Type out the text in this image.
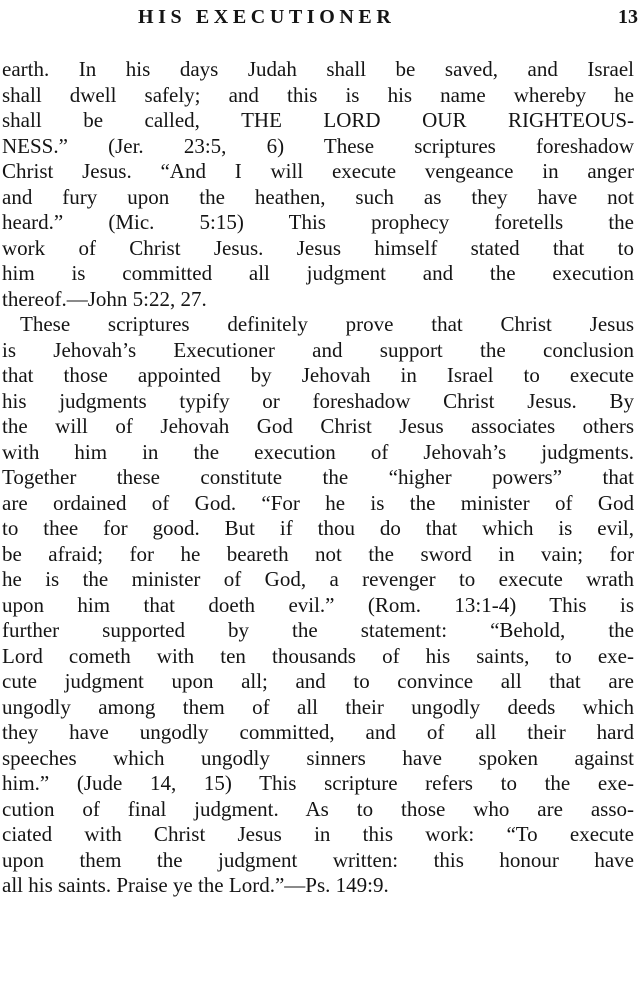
HIS EXECUTIONER	13
earth. In his days Judah shall be saved, and Israel
shall dwell safely; and this is his name whereby he
shall be called, THE LORD OUR RIGHTEOUS-
NESS.” (Jer. 23:5, 6) These scriptures foreshadow
Christ Jesus. “And I will execute vengeance in anger
and fury upon the heathen, such as they have not
heard.” (Mic. 5:15) This prophecy foretells the
work of Christ Jesus. Jesus himself stated that to
him is committed all judgment and the execution
thereof.—John 5:22, 27.
These scriptures definitely prove that Christ Jesus
is Jehovah’s Executioner and support the conclusion
that those appointed by Jehovah in Israel to execute
his judgments typify or foreshadow Christ Jesus. By
the will of Jehovah God Christ Jesus associates others
with him in the execution of Jehovah’s judgments.
Together these constitute the “higher powers” that
are ordained of God. “For he is the minister of God
to thee for good. But if thou do that which is evil,
be afraid; for he beareth not the sword in vain; for
he is the minister of God, a revenger to execute wrath
upon him that doeth evil.” (Rom. 13:1-4) This is
further supported by the statement: “Behold, the
Lord cometh with ten thousands of his saints, to exe-
cute judgment upon all; and to convince all that are
ungodly among them of all their ungodly deeds which
they have ungodly committed, and of all their hard
speeches which ungodly sinners have spoken against
him.” (Jude 14, 15) This scripture refers to the exe-
cution of final judgment. As to those who are asso-
ciated with Christ Jesus in this work: “To execute
upon them the judgment written: this honour have
all his saints. Praise ye the Lord.”—Ps. 149:9.
